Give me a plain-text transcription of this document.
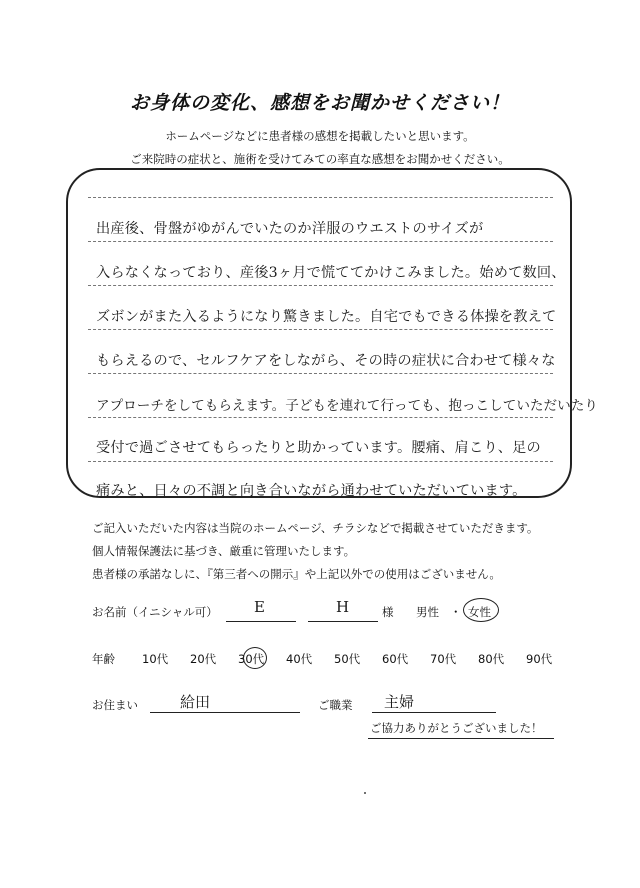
お身体の変化、感想をお聞かせください！
ホームページなどに患者様の感想を掲載したいと思います。
ご来院時の症状と、施術を受けてみての率直な感想をお聞かせください。
出産後、骨盤がゆがんでいたのか洋服のウエストのサイズが
入らなくなっており、産後3ヶ月で慌ててかけこみました。始めて数回、
ズボンがまた入るようになり驚きました。自宅でもできる体操を教えて
もらえるので、セルフケアをしながら、その時の症状に合わせて様々な
アプローチをしてもらえます。子どもを連れて行っても、抱っこしていただいたり
受付で過ごさせてもらったりと助かっています。腰痛、肩こり、足の
痛みと、日々の不調と向き合いながら通わせていただいています。
ご記入いただいた内容は当院のホームページ、チラシなどで掲載させていただきます。
個人情報保護法に基づき、厳重に管理いたします。
患者様の承諾なしに、『第三者への開示』や上記以外での使用はございません。
お名前（イニシャル可） E	H	様 男性 ・ 女性
年齢	10代	20代	30代	40代	50代	60代	70代	80代	90代
お住まい	給田	ご職業 主婦
ご協力ありがとうございました！
